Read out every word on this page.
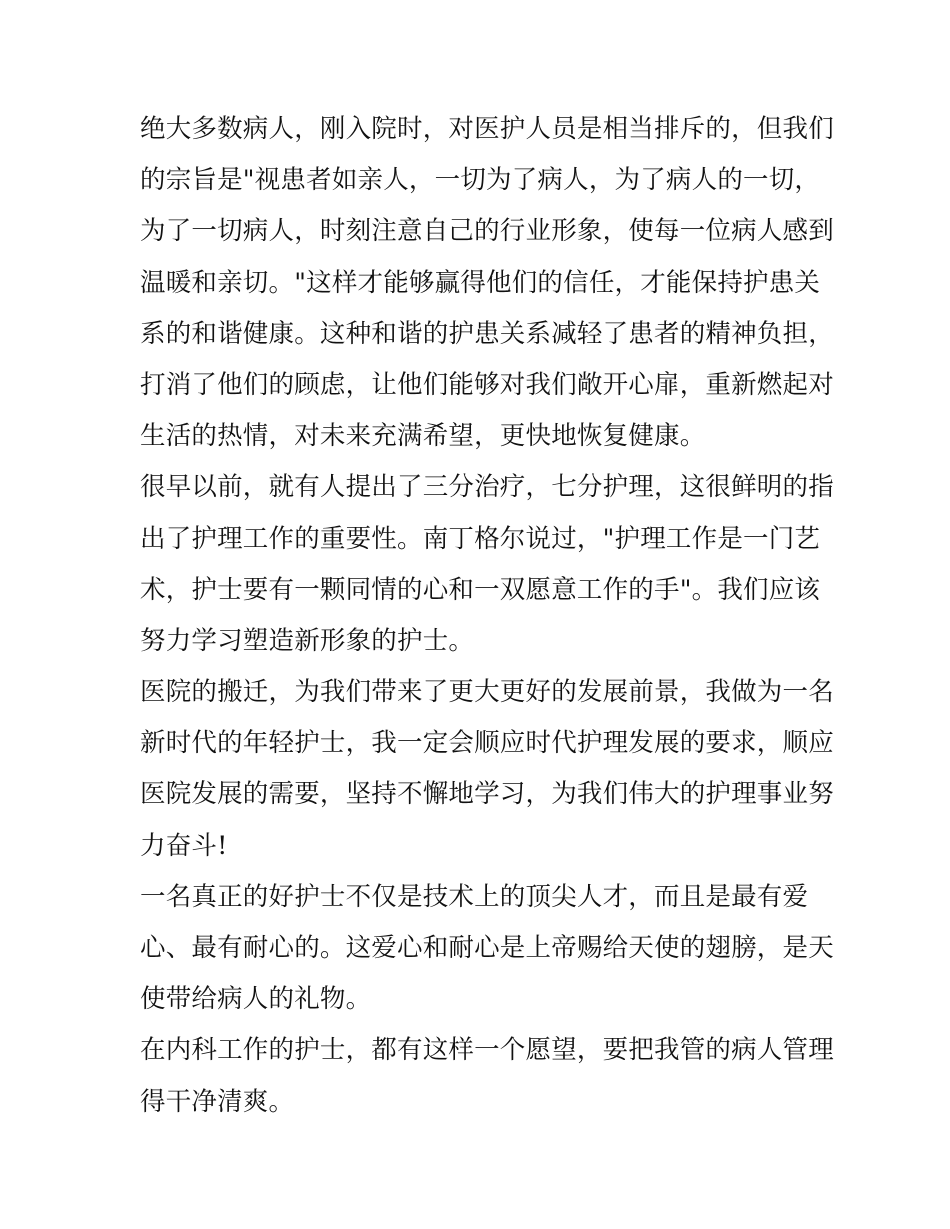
绝大多数病人，刚入院时，对医护人员是相当排斥的，但我们
的宗旨是"视患者如亲人，一切为了病人，为了病人的一切，
为了一切病人，时刻注意自己的行业形象，使每一位病人感到
温暖和亲切。"这样才能够赢得他们的信任，才能保持护患关
系的和谐健康。这种和谐的护患关系减轻了患者的精神负担，
打消了他们的顾虑，让他们能够对我们敞开心扉，重新燃起对
生活的热情，对未来充满希望，更快地恢复健康。
很早以前，就有人提出了三分治疗，七分护理，这很鲜明的指
出了护理工作的重要性。南丁格尔说过，"护理工作是一门艺
术，护士要有一颗同情的心和一双愿意工作的手"。我们应该
努力学习塑造新形象的护士。
医院的搬迁，为我们带来了更大更好的发展前景，我做为一名
新时代的年轻护士，我一定会顺应时代护理发展的要求，顺应
医院发展的需要，坚持不懈地学习，为我们伟大的护理事业努
力奋斗!
一名真正的好护士不仅是技术上的顶尖人才，而且是最有爱
心、最有耐心的。这爱心和耐心是上帝赐给天使的翅膀，是天
使带给病人的礼物。
在内科工作的护士，都有这样一个愿望，要把我管的病人管理
得干净清爽。
